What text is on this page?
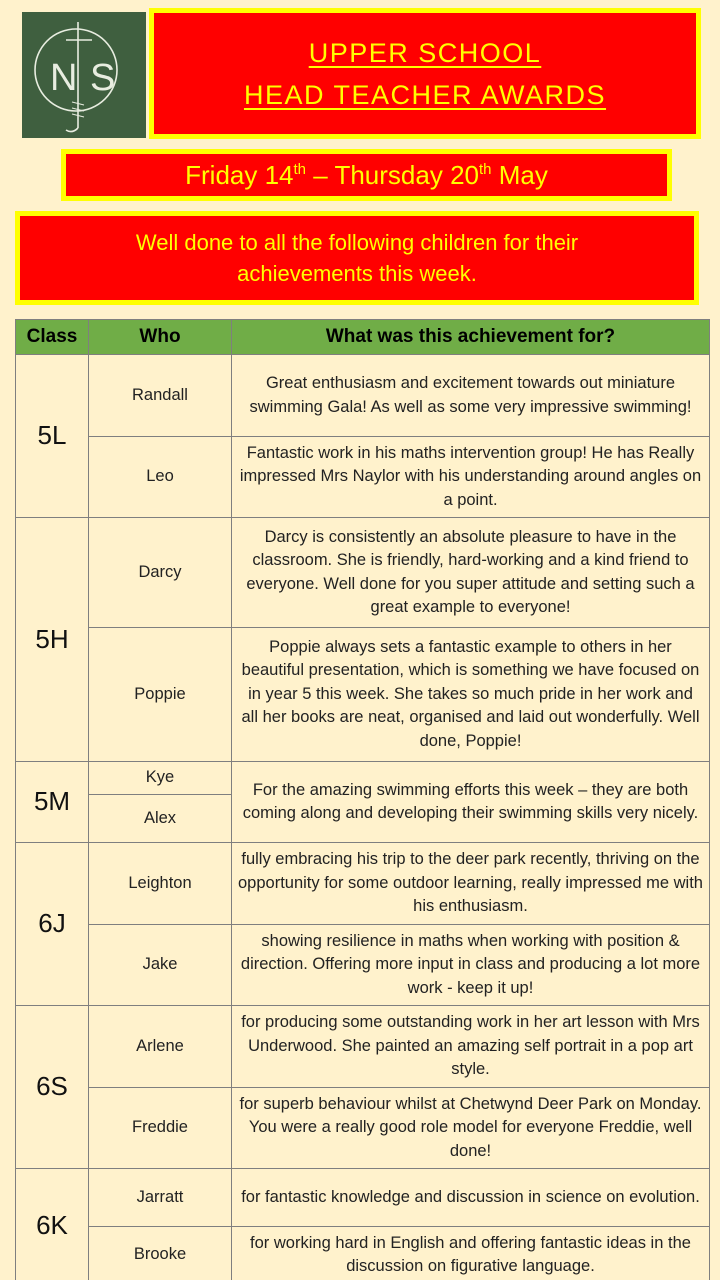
N S
UPPER SCHOOL
HEAD TEACHER AWARDS
Friday 14th – Thursday 20th May
Well done to all the following children for their achievements this week.
Class	Who	What was this achievement for?
5L	Randall	Great enthusiasm and excitement towards out miniature swimming Gala! As well as some very impressive swimming!
	Leo	Fantastic work in his maths intervention group! He has Really impressed Mrs Naylor with his understanding around angles on a point.
5H	Darcy	Darcy is consistently an absolute pleasure to have in the classroom. She is friendly, hard-working and a kind friend to everyone. Well done for you super attitude and setting such a great example to everyone!
	Poppie	Poppie always sets a fantastic example to others in her beautiful presentation, which is something we have focused on in year 5 this week. She takes so much pride in her work and all her books are neat, organised and laid out wonderfully. Well done, Poppie!
5M	Kye	For the amazing swimming efforts this week – they are both coming along and developing their swimming skills very nicely.
	Alex	
6J	Leighton	fully embracing his trip to the deer park recently, thriving on the opportunity for some outdoor learning, really impressed me with his enthusiasm.
	Jake	showing resilience in maths when working with position & direction. Offering more input in class and producing a lot more work - keep it up!
6S	Arlene	for producing some outstanding work in her art lesson with Mrs Underwood. She painted an amazing self portrait in a pop art style.
	Freddie	for superb behaviour whilst at Chetwynd Deer Park on Monday. You were a really good role model for everyone Freddie, well done!
6K	Jarratt	for fantastic knowledge and discussion in science on evolution.
	Brooke	for working hard in English and offering fantastic ideas in the discussion on figurative language.
